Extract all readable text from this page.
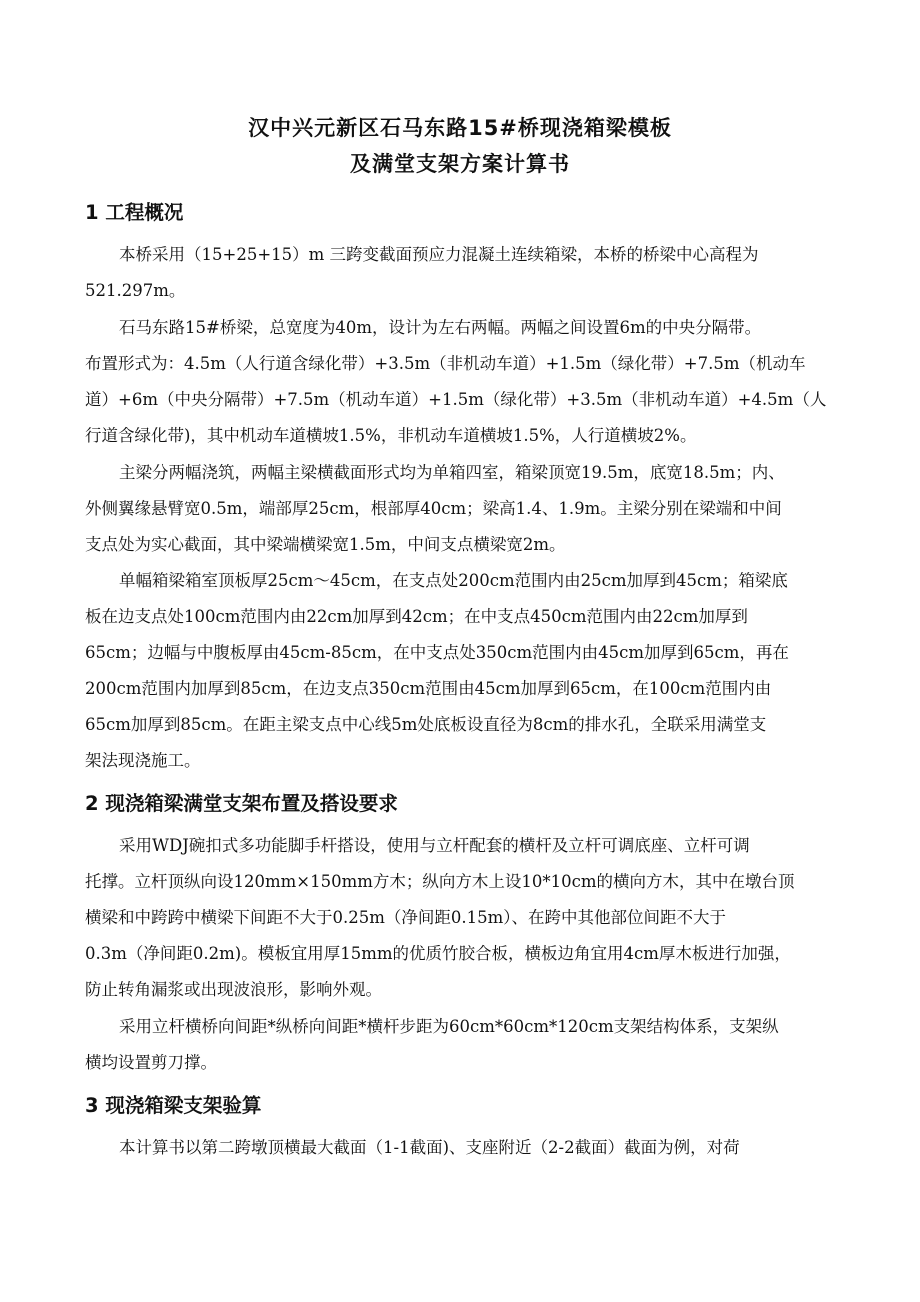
汉中兴元新区石马东路15#桥现浇箱梁模板
及满堂支架方案计算书
1 工程概况
本桥采用（15+25+15）m 三跨变截面预应力混凝土连续箱梁，本桥的桥梁中心高程为
521.297m。
石马东路15#桥梁，总宽度为40m，设计为左右两幅。两幅之间设置6m的中央分隔带。
布置形式为：4.5m（人行道含绿化带）+3.5m（非机动车道）+1.5m（绿化带）+7.5m（机动车
道）+6m（中央分隔带）+7.5m（机动车道）+1.5m（绿化带）+3.5m（非机动车道）+4.5m（人
行道含绿化带)，其中机动车道横坡1.5%，非机动车道横坡1.5%，人行道横坡2%。
主梁分两幅浇筑，两幅主梁横截面形式均为单箱四室，箱梁顶宽19.5m，底宽18.5m；内、
外侧翼缘悬臂宽0.5m，端部厚25cm，根部厚40cm；梁高1.4、1.9m。主梁分别在梁端和中间
支点处为实心截面，其中梁端横梁宽1.5m，中间支点横梁宽2m。
单幅箱梁箱室顶板厚25cm～45cm，在支点处200cm范围内由25cm加厚到45cm；箱梁底
板在边支点处100cm范围内由22cm加厚到42cm；在中支点450cm范围内由22cm加厚到
65cm；边幅与中腹板厚由45cm-85cm，在中支点处350cm范围内由45cm加厚到65cm，再在
200cm范围内加厚到85cm，在边支点350cm范围由45cm加厚到65cm，在100cm范围内由
65cm加厚到85cm。在距主梁支点中心线5m处底板设直径为8cm的排水孔，全联采用满堂支
架法现浇施工。
2 现浇箱梁满堂支架布置及搭设要求
采用WDJ碗扣式多功能脚手杆搭设，使用与立杆配套的横杆及立杆可调底座、立杆可调
托撑。立杆顶纵向设120mm×150mm方木；纵向方木上设10*10cm的横向方木，其中在墩台顶
横梁和中跨跨中横梁下间距不大于0.25m（净间距0.15m）、在跨中其他部位间距不大于
0.3m（净间距0.2m)。模板宜用厚15mm的优质竹胶合板，横板边角宜用4cm厚木板进行加强，
防止转角漏浆或出现波浪形，影响外观。
采用立杆横桥向间距*纵桥向间距*横杆步距为60cm*60cm*120cm支架结构体系，支架纵
横均设置剪刀撑。
3 现浇箱梁支架验算
本计算书以第二跨墩顶横最大截面（1-1截面)、支座附近（2-2截面）截面为例，对荷
